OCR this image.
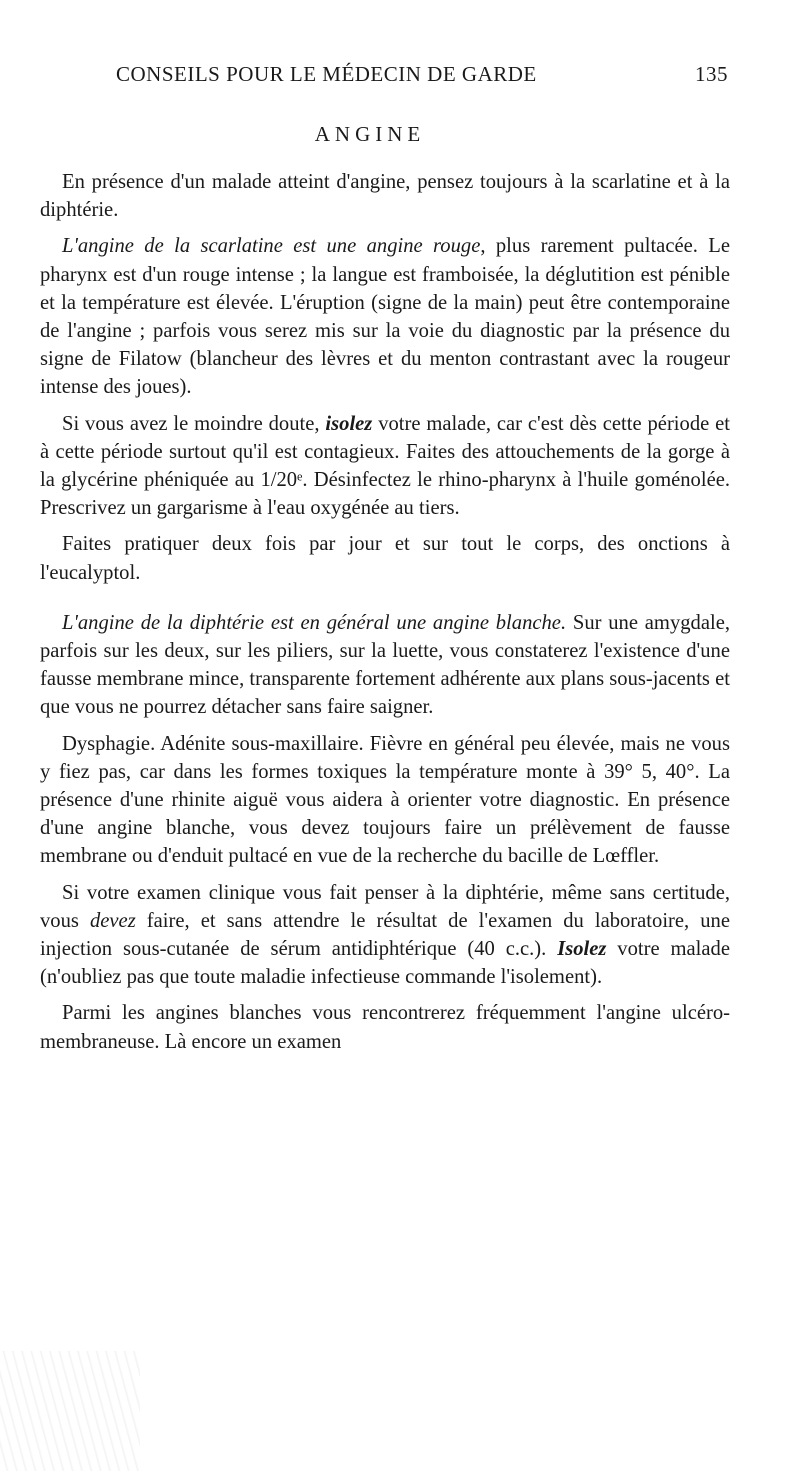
CONSEILS POUR LE MÉDECIN DE GARDE	135
ANGINE

En présence d'un malade atteint d'angine, pensez toujours à la scarlatine et à la diphtérie.

L'angine de la scarlatine est une angine rouge, plus rarement pultacée. Le pharynx est d'un rouge intense ; la langue est framboisée, la déglutition est pénible et la température est élevée. L'éruption (signe de la main) peut être contemporaine de l'angine ; parfois vous serez mis sur la voie du diagnostic par la présence du signe de Filatow (blancheur des lèvres et du menton contrastant avec la rougeur intense des joues).

Si vous avez le moindre doute, isolez votre malade, car c'est dès cette période et à cette période surtout qu'il est contagieux. Faites des attouchements de la gorge à la glycérine phéniquée au 1/20ᵉ. Désinfectez le rhino-pharynx à l'huile goménolée. Prescrivez un gargarisme à l'eau oxygénée au tiers.

Faites pratiquer deux fois par jour et sur tout le corps, des onctions à l'eucalyptol.

L'angine de la diphtérie est en général une angine blanche. Sur une amygdale, parfois sur les deux, sur les piliers, sur la luette, vous constaterez l'existence d'une fausse membrane mince, transparente fortement adhérente aux plans sous-jacents et que vous ne pourrez détacher sans faire saigner.

Dysphagie. Adénite sous-maxillaire. Fièvre en général peu élevée, mais ne vous y fiez pas, car dans les formes toxiques la température monte à 39° 5, 40°. La présence d'une rhinite aiguë vous aidera à orienter votre diagnostic. En présence d'une angine blanche, vous devez toujours faire un prélèvement de fausse membrane ou d'enduit pultacé en vue de la recherche du bacille de Lœffler.

Si votre examen clinique vous fait penser à la diphtérie, même sans certitude, vous devez faire, et sans attendre le résultat de l'examen du laboratoire, une injection sous-cutanée de sérum antidiphtérique (40 c.c.). Isolez votre malade (n'oubliez pas que toute maladie infectieuse commande l'isolement).

Parmi les angines blanches vous rencontrerez fréquemment l'angine ulcéro-membraneuse. Là encore un examen
